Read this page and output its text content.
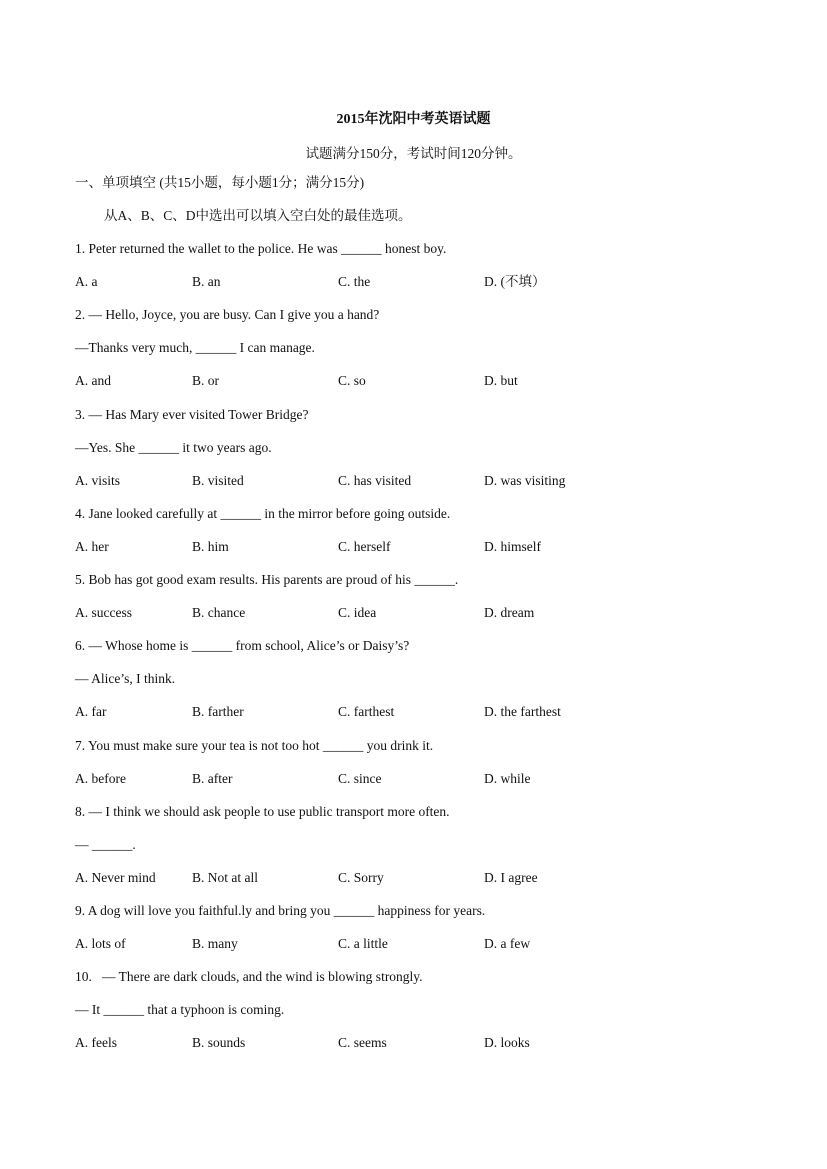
2015年沈阳中考英语试题
试题满分150分，考试时间120分钟。
一、单项填空 (共15小题，每小题1分；满分15分)
从A、B、C、D中选出可以填入空白处的最佳选项。
1. Peter returned the wallet to the police. He was ______ honest boy.
A. a	B. an	C. the	D. (不填）
2. — Hello, Joyce, you are busy. Can I give you a hand?
—Thanks very much, ______ I can manage.
A. and	B. or	C. so	D. but
3. — Has Mary ever visited Tower Bridge?
—Yes. She ______ it two years ago.
A. visits	B. visited	C. has visited	D. was visiting
4. Jane looked carefully at ______ in the mirror before going outside.
A. her	B. him	C. herself	D. himself
5. Bob has got good exam results. His parents are proud of his ______.
A. success	B. chance	C. idea	D. dream
6. — Whose home is ______ from school, Alice’s or Daisy’s?
— Alice’s, I think.
A. far	B. farther	C. farthest	D. the farthest
7. You must make sure your tea is not too hot ______ you drink it.
A. before	B. after	C. since	D. while
8. — I think we should ask people to use public transport more often.
— ______.
A. Never mind	B. Not at all	C. Sorry	D. I agree
9. A dog will love you faithful.ly and bring you ______ happiness for years.
A. lots of	B. many	C. a little	D. a few
10.   — There are dark clouds, and the wind is blowing strongly.
— It ______ that a typhoon is coming.
A. feels	B. sounds	C. seems	D. looks
